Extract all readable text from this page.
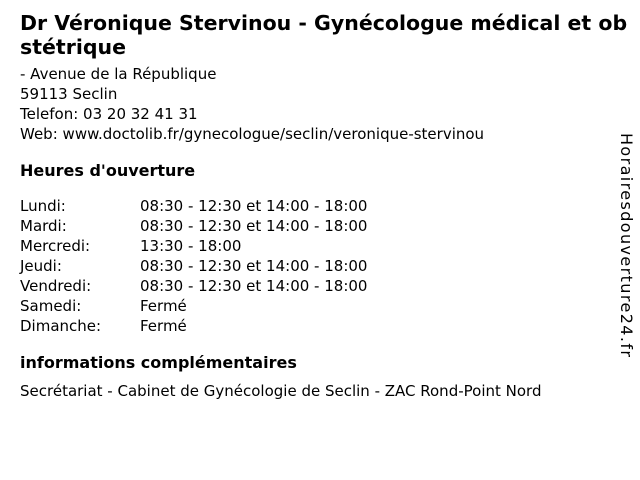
Dr Véronique Stervinou - Gynécologue médical et obstétrique
- Avenue de la République
59113 Seclin
Telefon: 03 20 32 41 31
Web: www.doctolib.fr/gynecologue/seclin/veronique-stervinou
Heures d'ouverture
Lundi:	08:30 - 12:30 et 14:00 - 18:00
Mardi:	08:30 - 12:30 et 14:00 - 18:00
Mercredi:	13:30 - 18:00
Jeudi:	08:30 - 12:30 et 14:00 - 18:00
Vendredi:	08:30 - 12:30 et 14:00 - 18:00
Samedi:	Fermé
Dimanche:	Fermé
informations complémentaires

Secrétariat - Cabinet de Gynécologie de Seclin - ZAC Rond-Point Nord

Horairesdouverture24.fr
